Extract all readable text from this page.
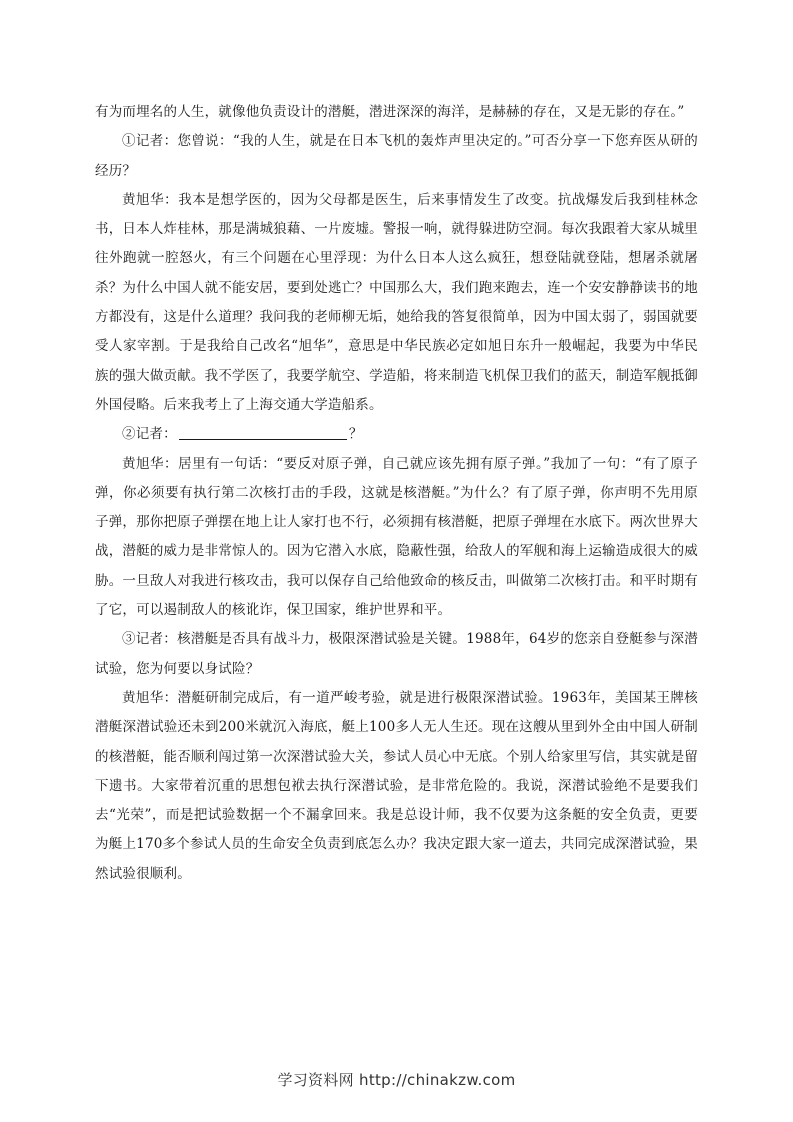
有为而埋名的人生，就像他负责设计的潜艇，潜进深深的海洋，是赫赫的存在，又是无影的存在。”

①记者：您曾说：“我的人生，就是在日本飞机的轰炸声里决定的。”可否分享一下您弃医从研的经历？

黄旭华：我本是想学医的，因为父母都是医生，后来事情发生了改变。抗战爆发后我到桂林念书，日本人炸桂林，那是满城狼藉、一片废墟。警报一响，就得躲进防空洞。每次我跟着大家从城里往外跑就一腔怒火，有三个问题在心里浮现：为什么日本人这么疯狂，想登陆就登陆，想屠杀就屠杀？为什么中国人就不能安居，要到处逃亡？中国那么大，我们跑来跑去，连一个安安静静读书的地方都没有，这是什么道理？我问我的老师柳无垢，她给我的答复很简单，因为中国太弱了，弱国就要受人家宰割。于是我给自己改名“旭华”，意思是中华民族必定如旭日东升一般崛起，我要为中华民族的强大做贡献。我不学医了，我要学航空、学造船，将来制造飞机保卫我们的蓝天，制造军舰抵御外国侵略。后来我考上了上海交通大学造船系。

②记者：	？

黄旭华：居里有一句话：“要反对原子弹，自己就应该先拥有原子弹。”我加了一句：“有了原子弹，你必须要有执行第二次核打击的手段，这就是核潜艇。”为什么？有了原子弹，你声明不先用原子弹，那你把原子弹摆在地上让人家打也不行，必须拥有核潜艇，把原子弹埋在水底下。两次世界大战，潜艇的威力是非常惊人的。因为它潜入水底，隐蔽性强，给敌人的军舰和海上运输造成很大的威胁。一旦敌人对我进行核攻击，我可以保存自己给他致命的核反击，叫做第二次核打击。和平时期有了它，可以遏制敌人的核讹诈，保卫国家，维护世界和平。

③记者：核潜艇是否具有战斗力，极限深潜试验是关键。1988年，64岁的您亲自登艇参与深潜试验，您为何要以身试险？

黄旭华：潜艇研制完成后，有一道严峻考验，就是进行极限深潜试验。1963年，美国某王牌核潜艇深潜试验还未到200米就沉入海底，艇上100多人无人生还。现在这艘从里到外全由中国人研制的核潜艇，能否顺利闯过第一次深潜试验大关，参试人员心中无底。个别人给家里写信，其实就是留下遗书。大家带着沉重的思想包袱去执行深潜试验，是非常危险的。我说，深潜试验绝不是要我们去“光荣”，而是把试验数据一个不漏拿回来。我是总设计师，我不仅要为这条艇的安全负责，更要为艇上170多个参试人员的生命安全负责到底怎么办？我决定跟大家一道去，共同完成深潜试验，果然试验很顺利。

学习资料网 http://chinakzw.com
